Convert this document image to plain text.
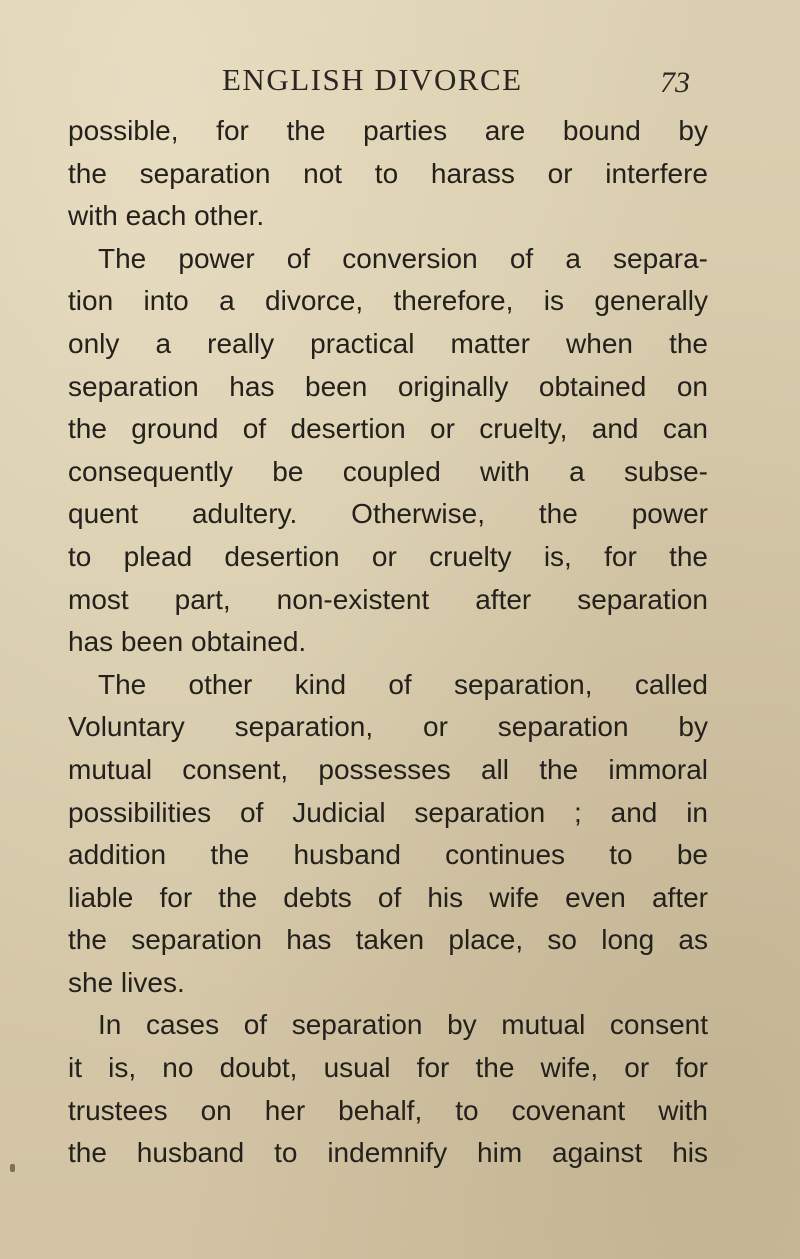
ENGLISH DIVORCE	73
possible, for the parties are bound by
the separation not to harass or interfere
with each other.
The power of conversion of a separa-
tion into a divorce, therefore, is generally
only a really practical matter when the
separation has been originally obtained on
the ground of desertion or cruelty, and can
consequently be coupled with a subse-
quent adultery. Otherwise, the power
to plead desertion or cruelty is, for the
most part, non-existent after separation
has been obtained.
The other kind of separation, called
Voluntary separation, or separation by
mutual consent, possesses all the immoral
possibilities of Judicial separation ; and in
addition the husband continues to be
liable for the debts of his wife even after
the separation has taken place, so long as
she lives.
In cases of separation by mutual consent
it is, no doubt, usual for the wife, or for
trustees on her behalf, to covenant with
the husband to indemnify him against his
